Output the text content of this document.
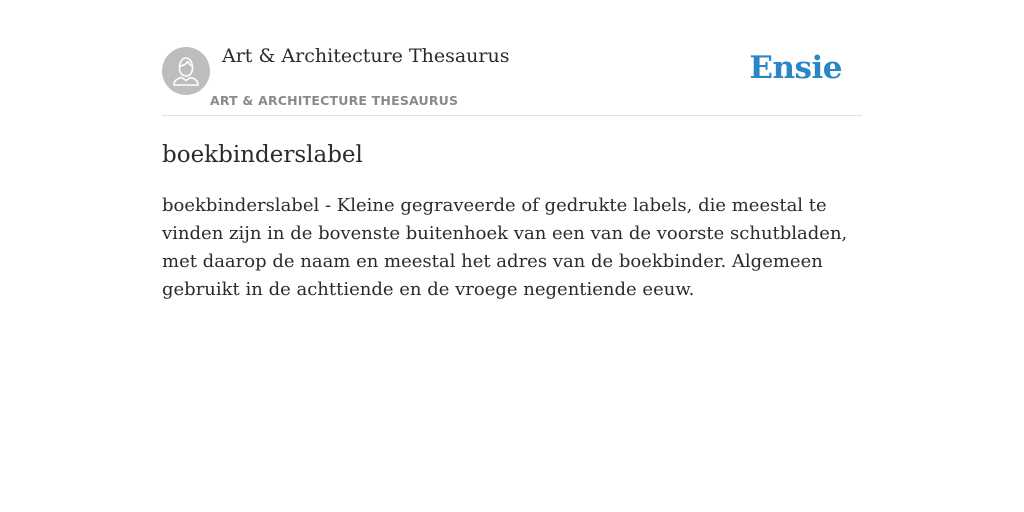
Art & Architecture Thesaurus
ART & ARCHITECTURE THESAURUS
Ensie
boekbinderslabel

boekbinderslabel - Kleine gegraveerde of gedrukte labels, die meestal te vinden zijn in de bovenste buitenhoek van een van de voorste schutbladen, met daarop de naam en meestal het adres van de boekbinder. Algemeen gebruikt in de achttiende en de vroege negentiende eeuw.
